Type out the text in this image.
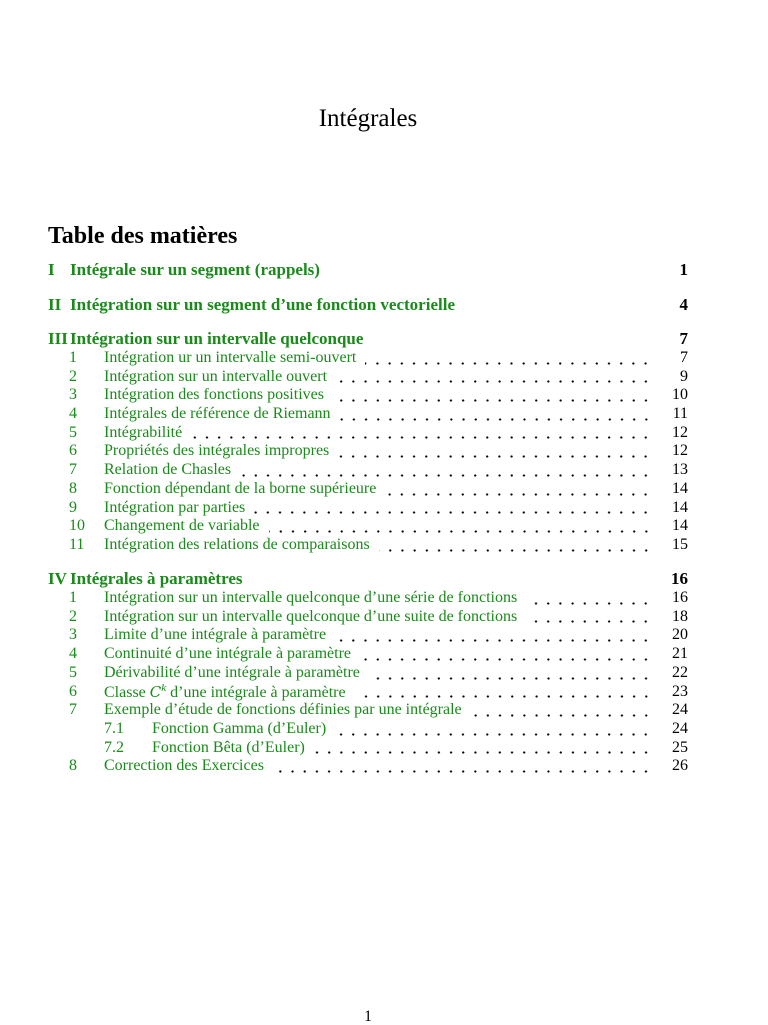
Intégrales
Table des matières
I Intégrale sur un segment (rappels)	1
II Intégration sur un segment d’une fonction vectorielle	4
III Intégration sur un intervalle quelconque	7
1	Intégration ur un intervalle semi-ouvert	7
2	Intégration sur un intervalle ouvert	9
3	Intégration des fonctions positives	10
4	Intégrales de référence de Riemann	11
5	Intégrabilité	12
6	Propriétés des intégrales impropres	12
7	Relation de Chasles	13
8	Fonction dépendant de la borne supérieure	14
9	Intégration par parties	14
10	Changement de variable	14
11	Intégration des relations de comparaisons	15
IV Intégrales à paramètres	16
1	Intégration sur un intervalle quelconque d’une série de fonctions	16
2	Intégration sur un intervalle quelconque d’une suite de fonctions	18
3	Limite d’une intégrale à paramètre	20
4	Continuité d’une intégrale à paramètre	21
5	Dérivabilité d’une intégrale à paramètre	22
6	Classe $C^k$ d’une intégrale à paramètre	23
7	Exemple d’étude de fonctions définies par une intégrale	24
7.1	Fonction Gamma (d’Euler)	24
7.2	Fonction Bêta (d’Euler)	25
8	Correction des Exercices	26
1
